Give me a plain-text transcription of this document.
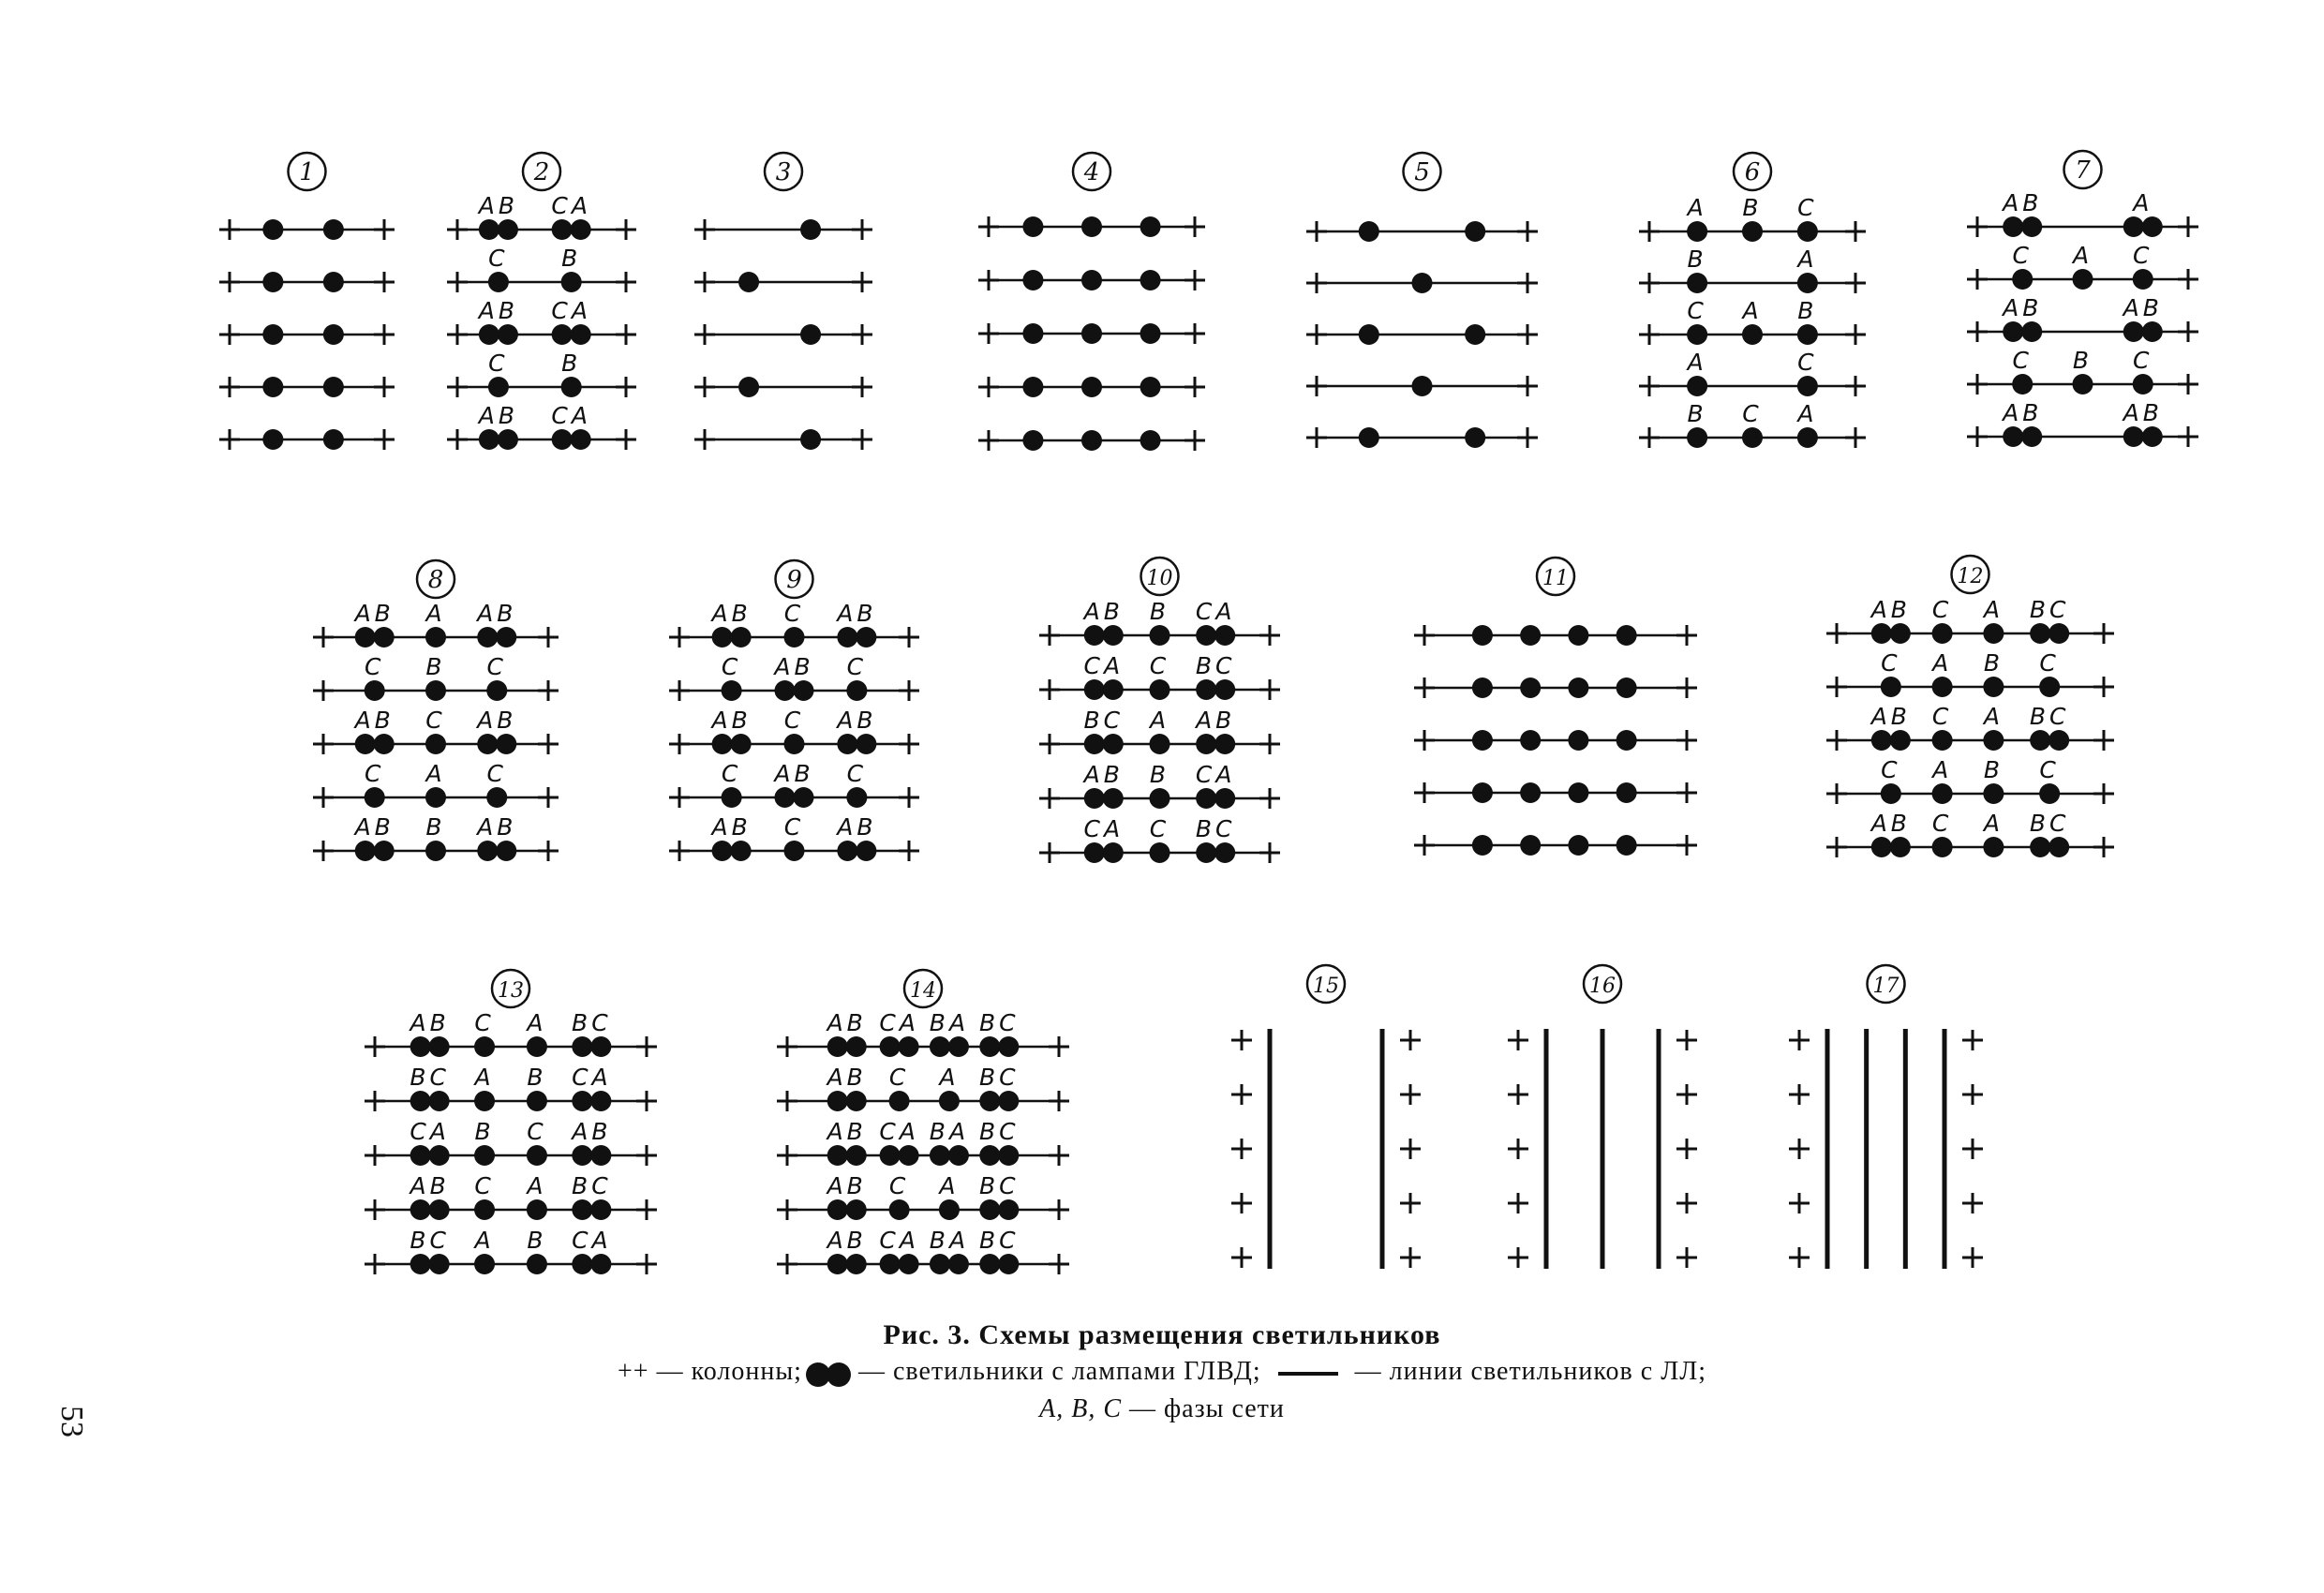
1	2
AB CA
C B
AB CA
C B
AB CA
3	4	5	6
A B C
B	A
C A B
A	C
B C A
7
AB	A
C A C
AB	AB
C B C
AB	AB
8
AB A AB
C B C
AB C AB
C A C
AB B AB
9
AB C AB
C AB C
AB C AB
C AB C
AB C AB
10
AB B CA
CA C BC
BC A AB
AB B CA
CA C BC
11	12
AB C A BC
C A B C
AB C A BC
C A B C
AB C A BC
13
AB C A BC
BC A B CA
CA B C AB
AB C A BC
BC A B CA
14
AB CA BA BC
AB C A BC
AB CA BA BC
AB C A BC
AB CA BA BC
15	16	17
Рис. 3. Схемы размещения светильников
++ — колонны; — светильники с лампами ГЛВД;	— линии светильников с ЛЛ;
A, B, C — фазы сети
53
